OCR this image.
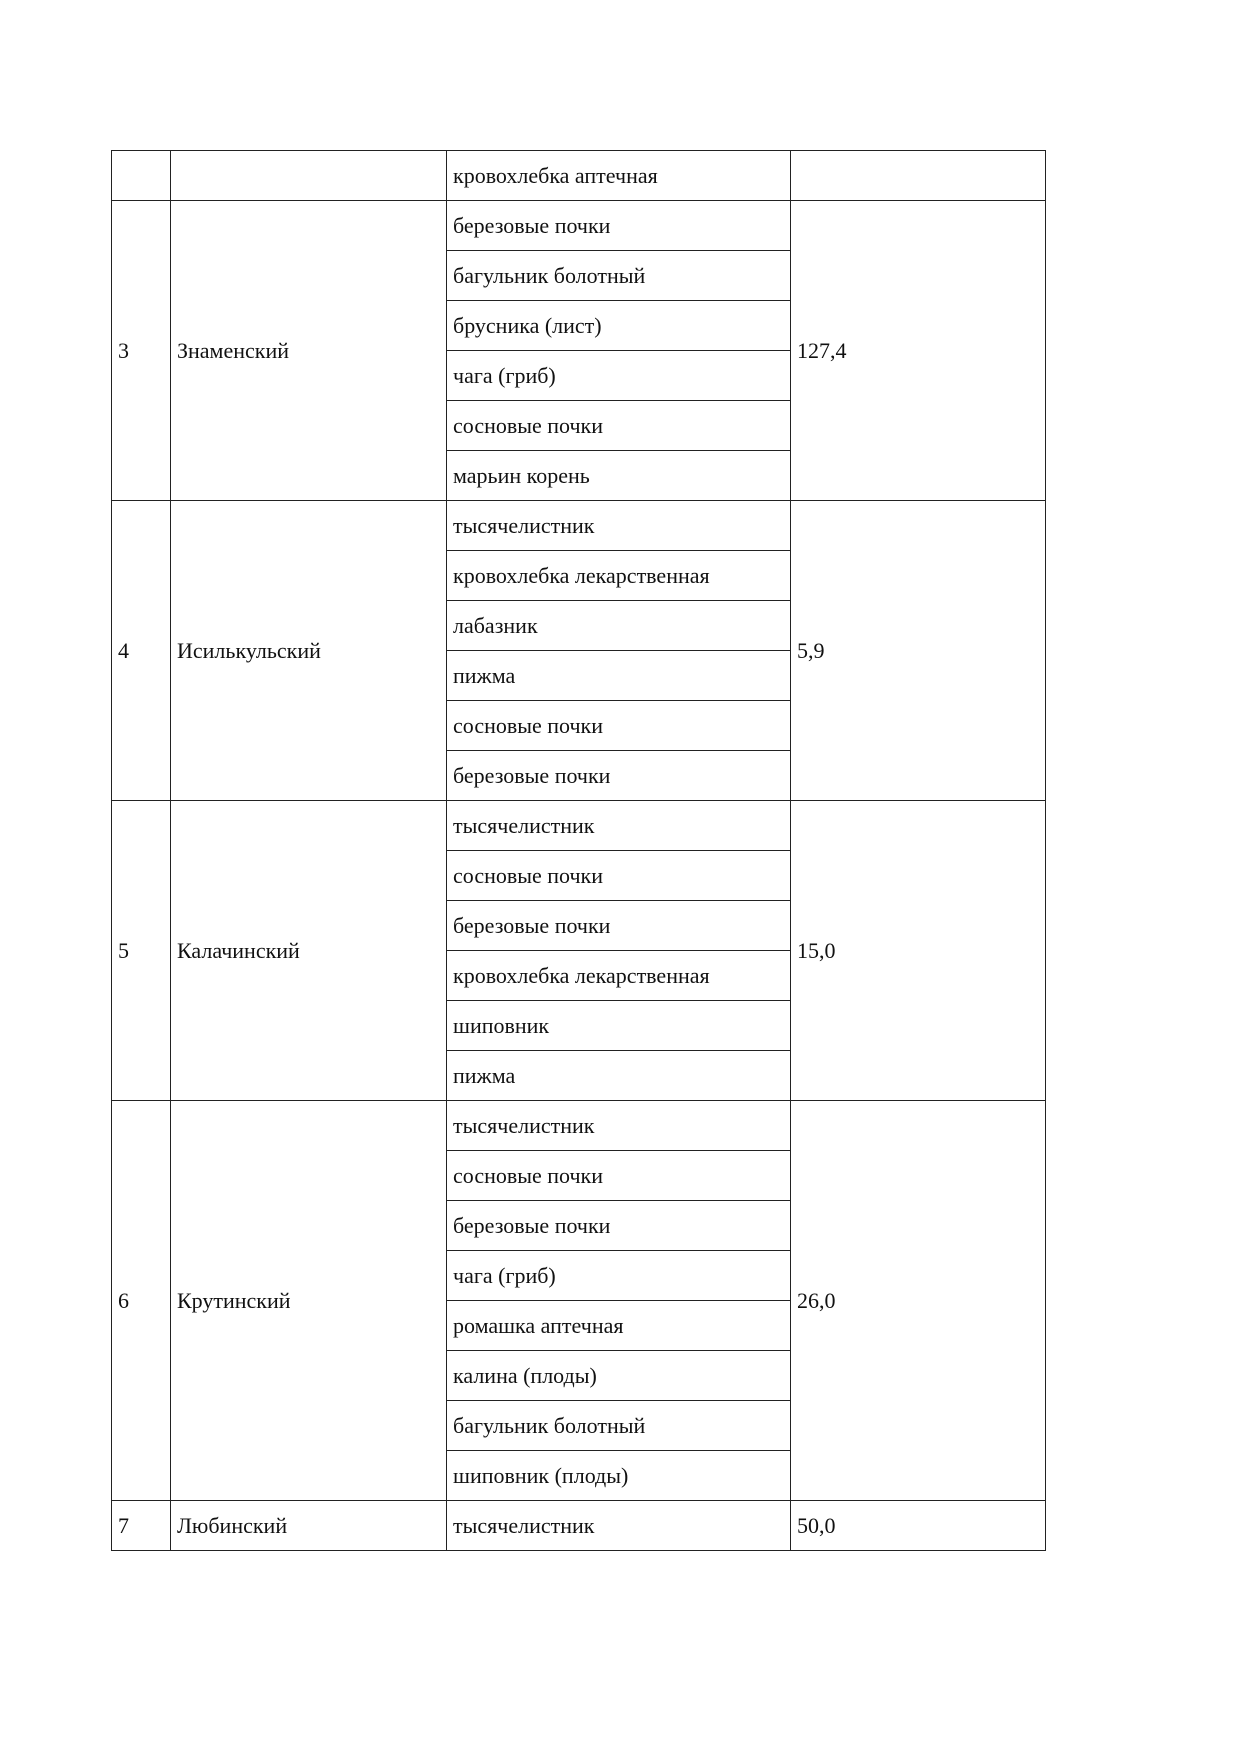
		кровохлебка аптечная	
3	Знаменский	березовые почки	127,4
		багульник болотный	
		брусника (лист)	
		чага (гриб)	
		сосновые почки	
		марьин корень	
4	Исилькульский	тысячелистник	5,9
		кровохлебка лекарственная	
		лабазник	
		пижма	
		сосновые почки	
		березовые почки	
5	Калачинский	тысячелистник	15,0
		сосновые почки	
		березовые почки	
		кровохлебка лекарственная	
		шиповник	
		пижма	
6	Крутинский	тысячелистник	26,0
		сосновые почки	
		березовые почки	
		чага (гриб)	
		ромашка аптечная	
		калина (плоды)	
		багульник болотный	
		шиповник (плоды)	
7	Любинский	тысячелистник	50,0
